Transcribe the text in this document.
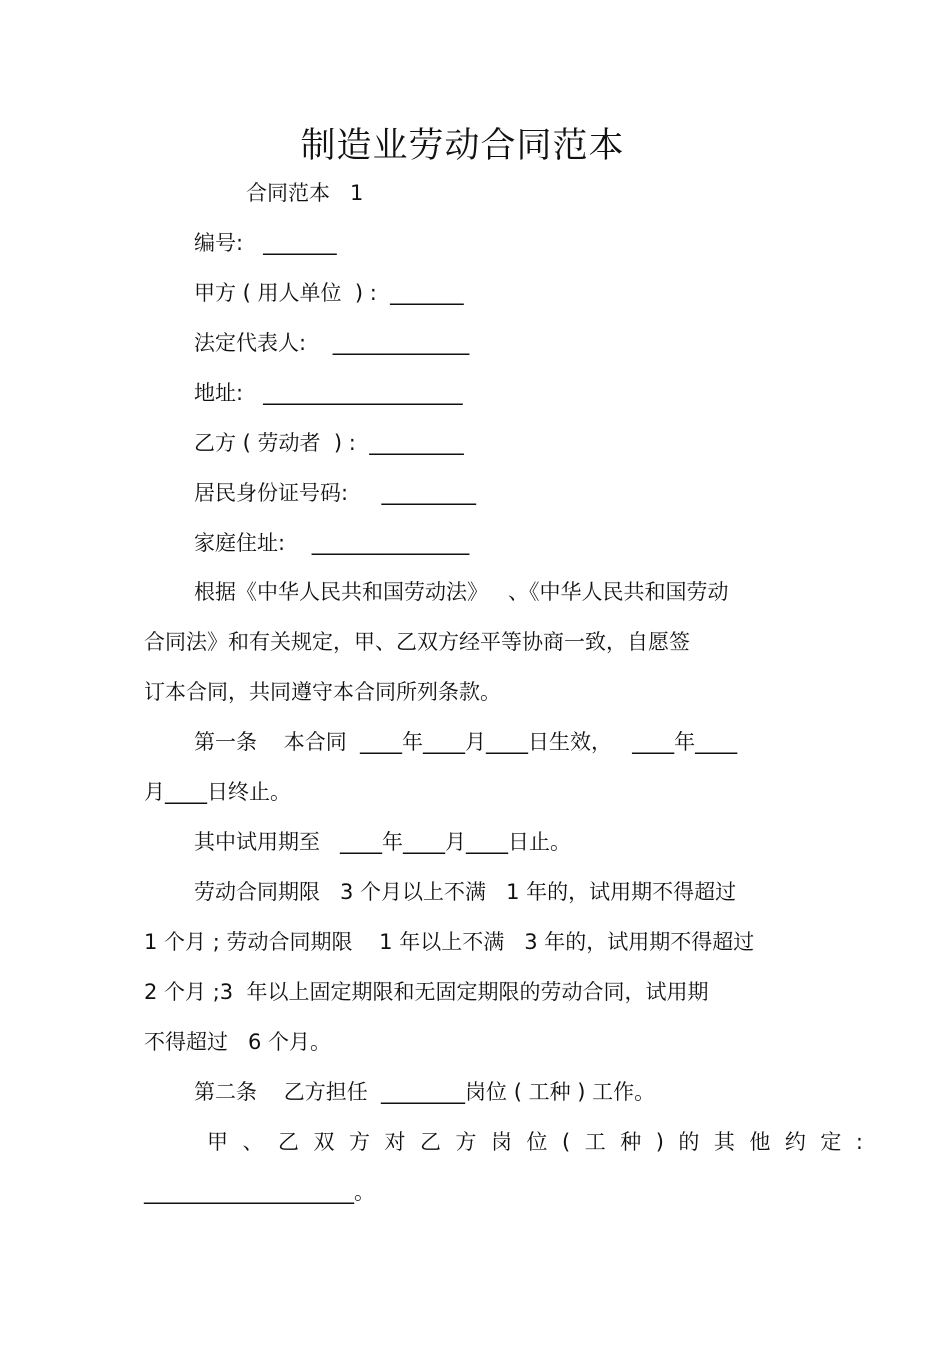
制造业劳动合同范本
合同范本   1
编号:   _______
甲方 ( 用人单位  ) :  _______
法定代表人:    _____________
地址:   ___________________
乙方 ( 劳动者  ) :  _________
居民身份证号码:     _________
家庭住址:    _______________
根据《中华人民共和国劳动法》   、《中华人民共和国劳动
合同法》和有关规定，甲、乙双方经平等协商一致，自愿签
订本合同，共同遵守本合同所列条款。
第一条    本合同  ____年____月____日生效，   ____年____
月____日终止。
其中试用期至   ____年____月____日止。
劳动合同期限   3 个月以上不满   1 年的，试用期不得超过
1 个月 ; 劳动合同期限    1 年以上不满   3 年的，试用期不得超过
2 个月 ;3  年以上固定期限和无固定期限的劳动合同，试用期
不得超过   6 个月。
第二条    乙方担任  ________岗位 ( 工种 ) 工作。
甲、乙双方对乙方岗位(工种)的其他约定:
____________________。
